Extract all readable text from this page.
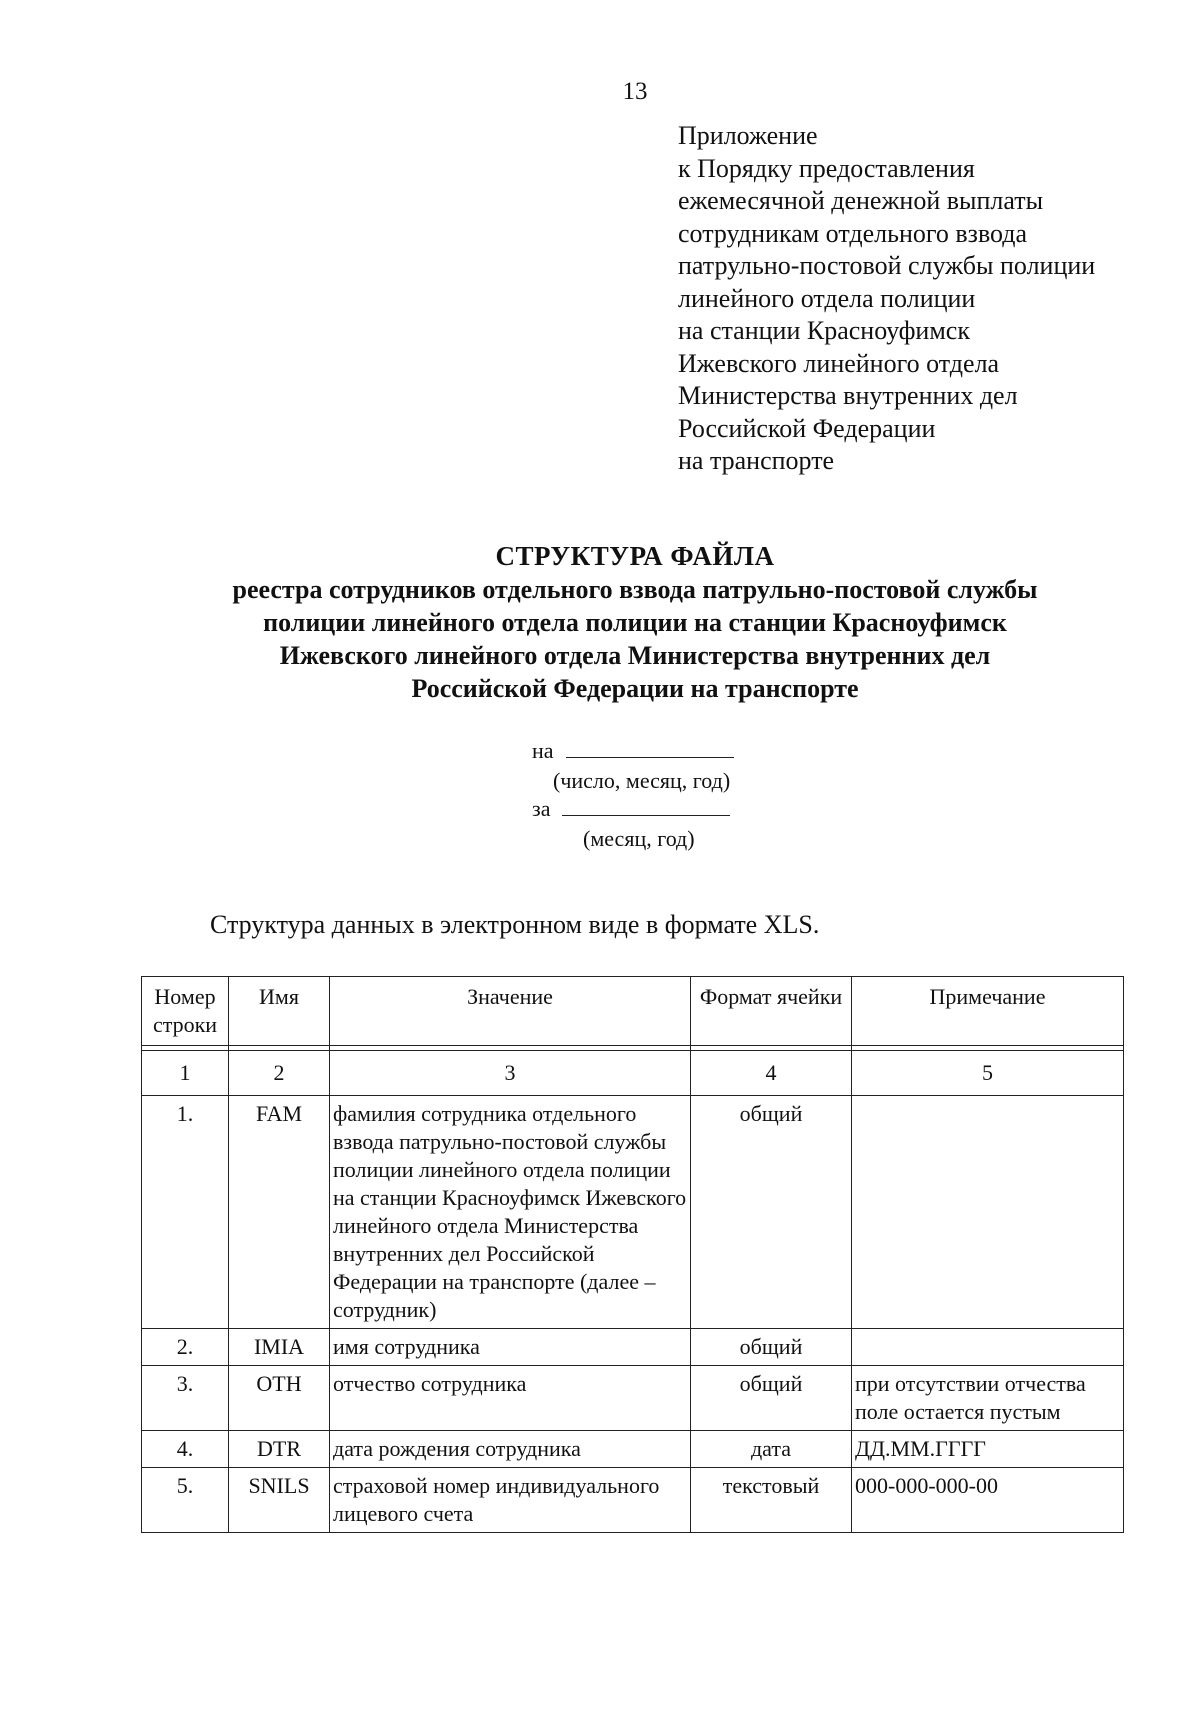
13
Приложение
к Порядку предоставления
ежемесячной денежной выплаты
сотрудникам отдельного взвода
патрульно-постовой службы полиции
линейного отдела полиции
на станции Красноуфимск
Ижевского линейного отдела
Министерства внутренних дел
Российской Федерации
на транспорте
СТРУКТУРА ФАЙЛА
реестра сотрудников отдельного взвода патрульно-постовой службы
полиции линейного отдела полиции на станции Красноуфимск
Ижевского линейного отдела Министерства внутренних дел
Российской Федерации на транспорте
на
(число, месяц, год)
за
(месяц, год)
Структура данных в электронном виде в формате XLS.
Номер строки	Имя	Значение	Формат ячейки	Примечание

1	2	3	4	5
1.	FAM	фамилия сотрудника отдельного взвода патрульно-постовой службы полиции линейного отдела полиции на станции Красноуфимск Ижевского линейного отдела Министерства внутренних дел Российской Федерации на транспорте (далее – сотрудник)	общий	
2.	IMIA	имя сотрудника	общий	
3.	OTH	отчество сотрудника	общий	при отсутствии отчества поле остается пустым
4.	DTR	дата рождения сотрудника	дата	ДД.ММ.ГГГГ
5.	SNILS	страховой номер индивидуального лицевого счета	текстовый	000-000-000-00
